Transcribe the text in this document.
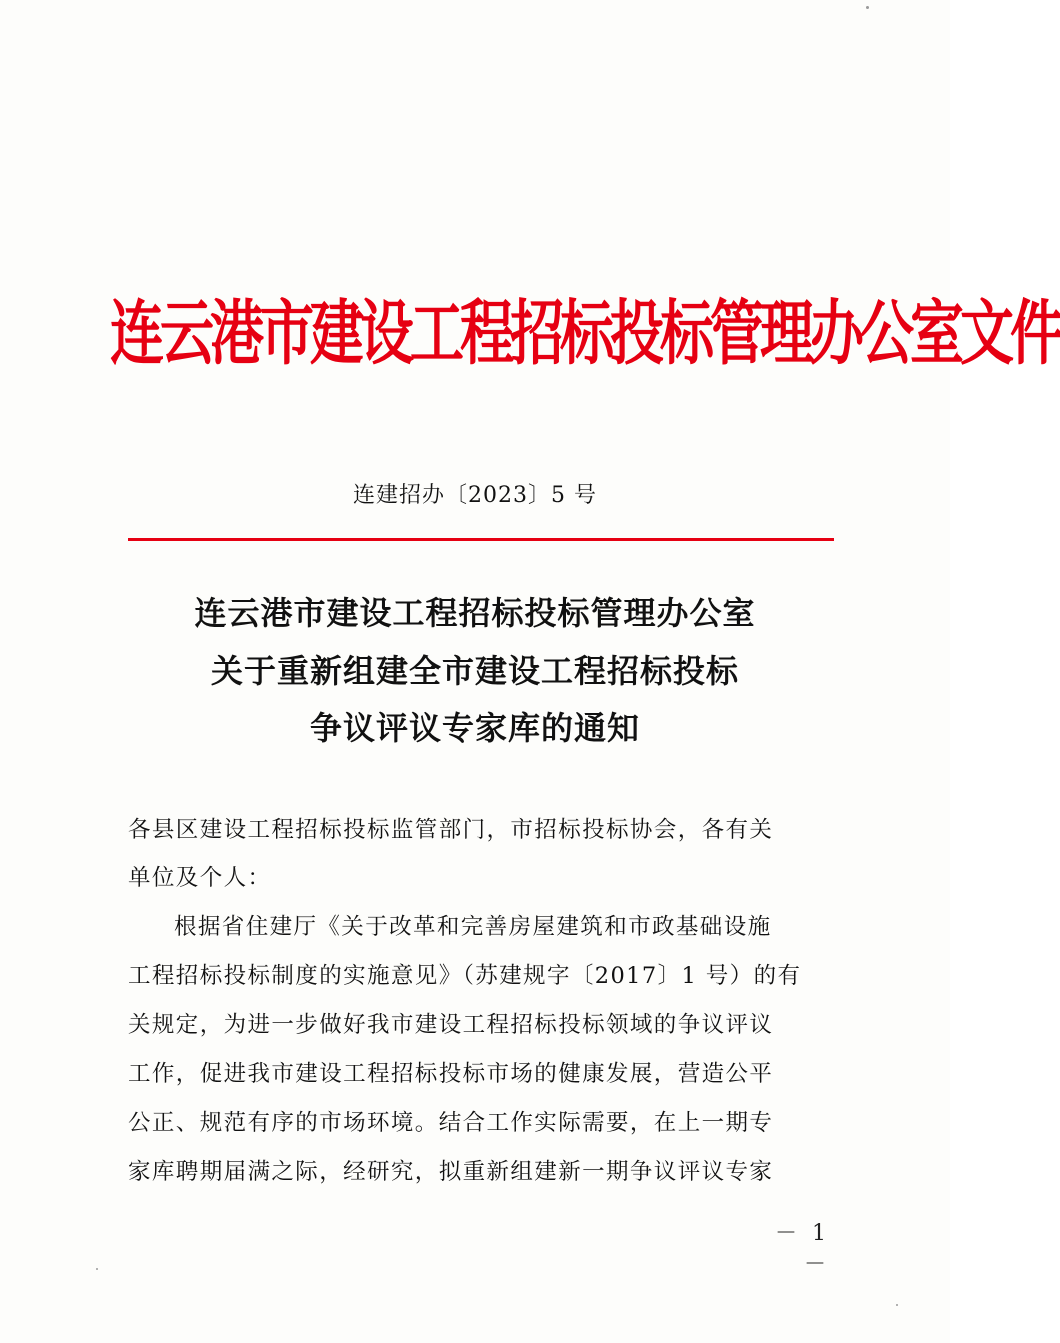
连云港市建设工程招标投标管理办公室文件
连建招办〔2023〕5 号
连云港市建设工程招标投标管理办公室
关于重新组建全市建设工程招标投标
争议评议专家库的通知
各县区建设工程招标投标监管部门，市招标投标协会，各有关
单位及个人：
根据省住建厅《关于改革和完善房屋建筑和市政基础设施
工程招标投标制度的实施意见》（苏建规字〔2017〕1 号）的有
关规定，为进一步做好我市建设工程招标投标领域的争议评议
工作，促进我市建设工程招标投标市场的健康发展，营造公平
公正、规范有序的市场环境。结合工作实际需要，在上一期专
家库聘期届满之际，经研究，拟重新组建新一期争议评议专家
－ 1 －
